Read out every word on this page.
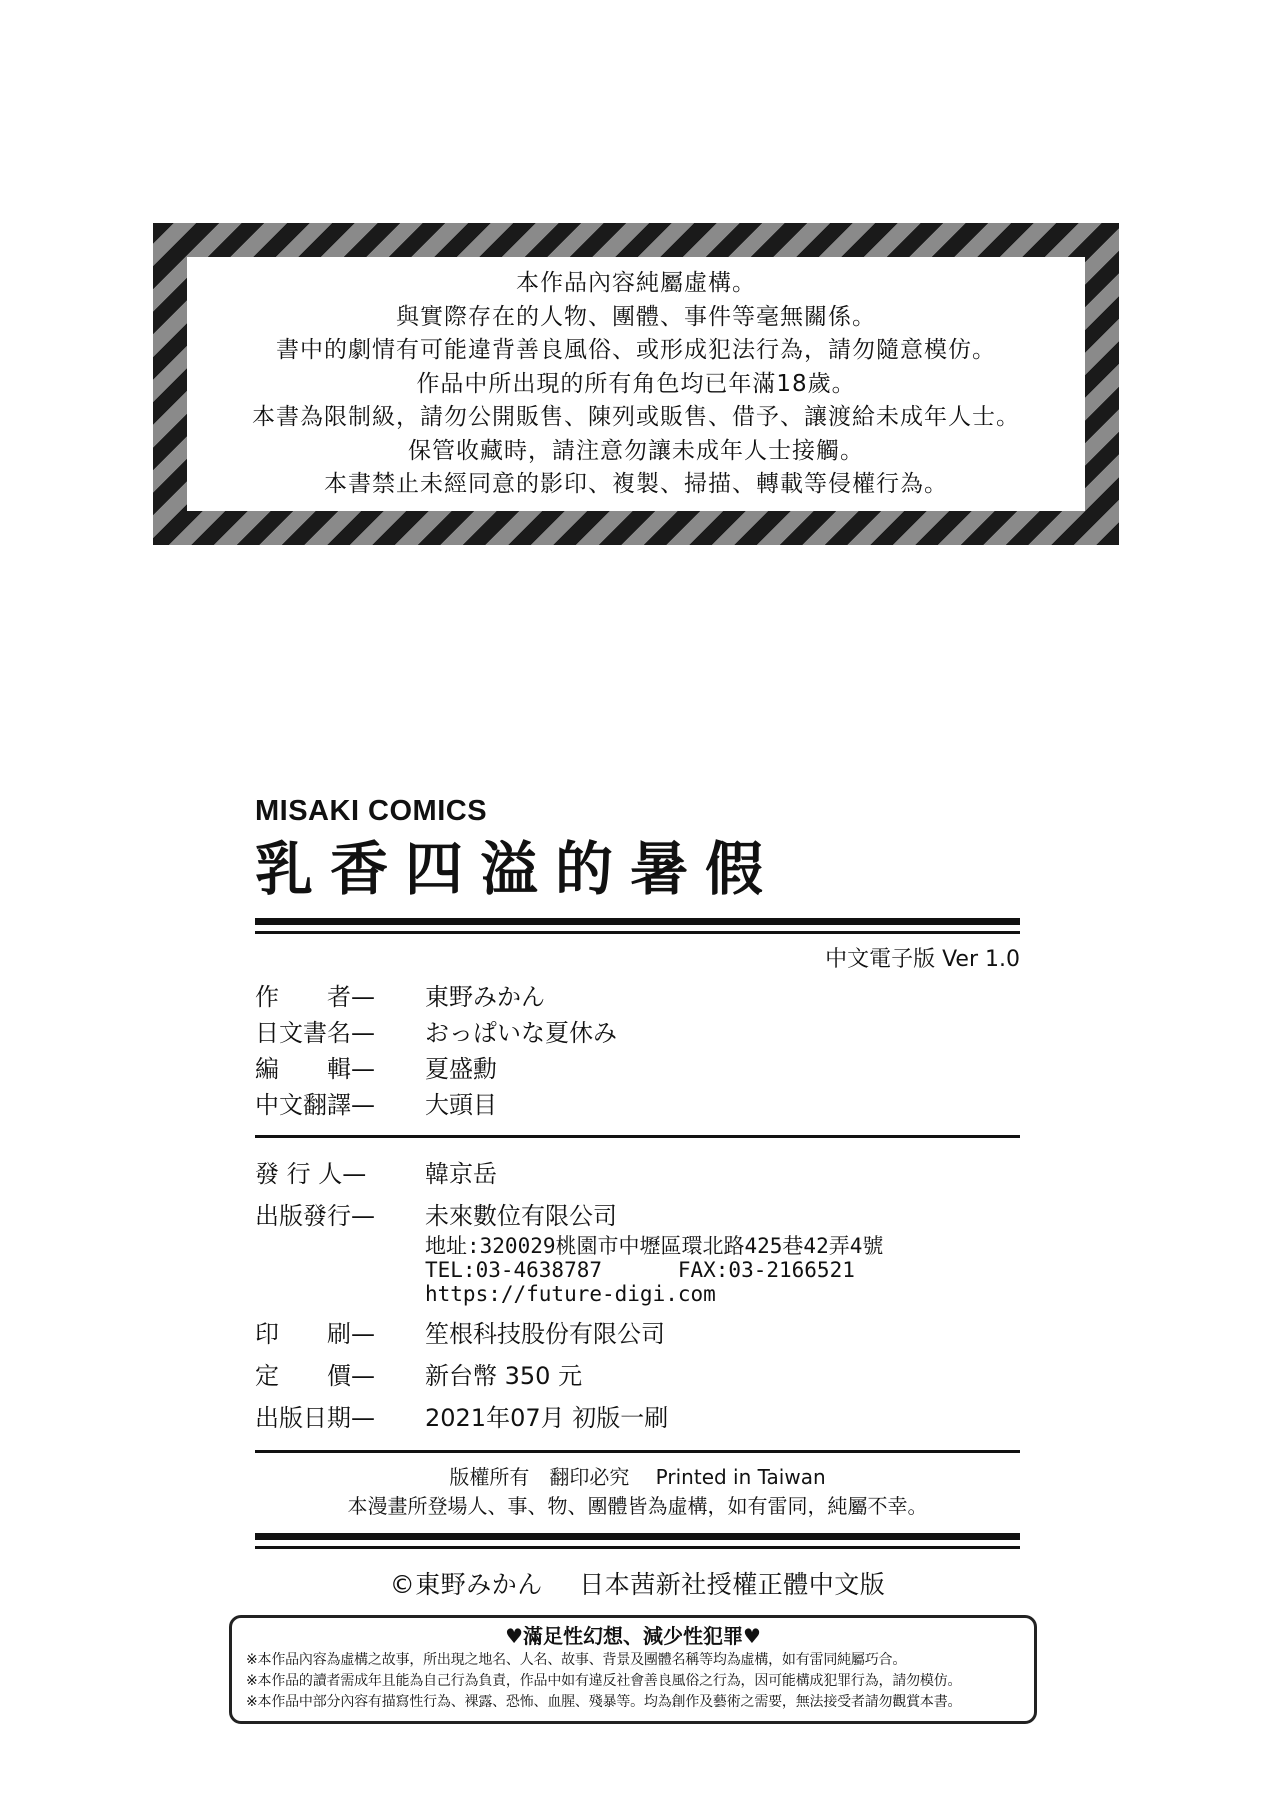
本作品內容純屬虛構。
與實際存在的人物、團體、事件等毫無關係。
書中的劇情有可能違背善良風俗、或形成犯法行為，請勿隨意模仿。
作品中所出現的所有角色均已年滿18歲。
本書為限制級，請勿公開販售、陳列或販售、借予、讓渡給未成年人士。
保管收藏時，請注意勿讓未成年人士接觸。
本書禁止未經同意的影印、複製、掃描、轉載等侵權行為。
MISAKI COMICS
乳香四溢的暑假
中文電子版 Ver 1.0
作　　者—	東野みかん
日文書名—	おっぱいな夏休み
編　　輯—	夏盛勳
中文翻譯—	大頭目
發 行 人—	韓京岳
出版發行—	未來數位有限公司
地址:320029桃園市中壢區環北路425巷42弄4號
TEL:03-4638787      FAX:03-2166521
https://future-digi.com
印　　刷—	笙根科技股份有限公司
定　　價—	新台幣 350 元
出版日期—	2021年07月 初版一刷
版權所有　翻印必究　 Printed in Taiwan
本漫畫所登場人、事、物、團體皆為虛構，如有雷同，純屬不幸。
©東野みかん 日本茜新社授權正體中文版
♥滿足性幻想、減少性犯罪♥
※本作品內容為虛構之故事，所出現之地名、人名、故事、背景及團體名稱等均為虛構，如有雷同純屬巧合。
※本作品的讀者需成年且能為自己行為負責，作品中如有違反社會善良風俗之行為，因可能構成犯罪行為，請勿模仿。
※本作品中部分內容有描寫性行為、裸露、恐怖、血腥、殘暴等。均為創作及藝術之需要，無法接受者請勿觀賞本書。
